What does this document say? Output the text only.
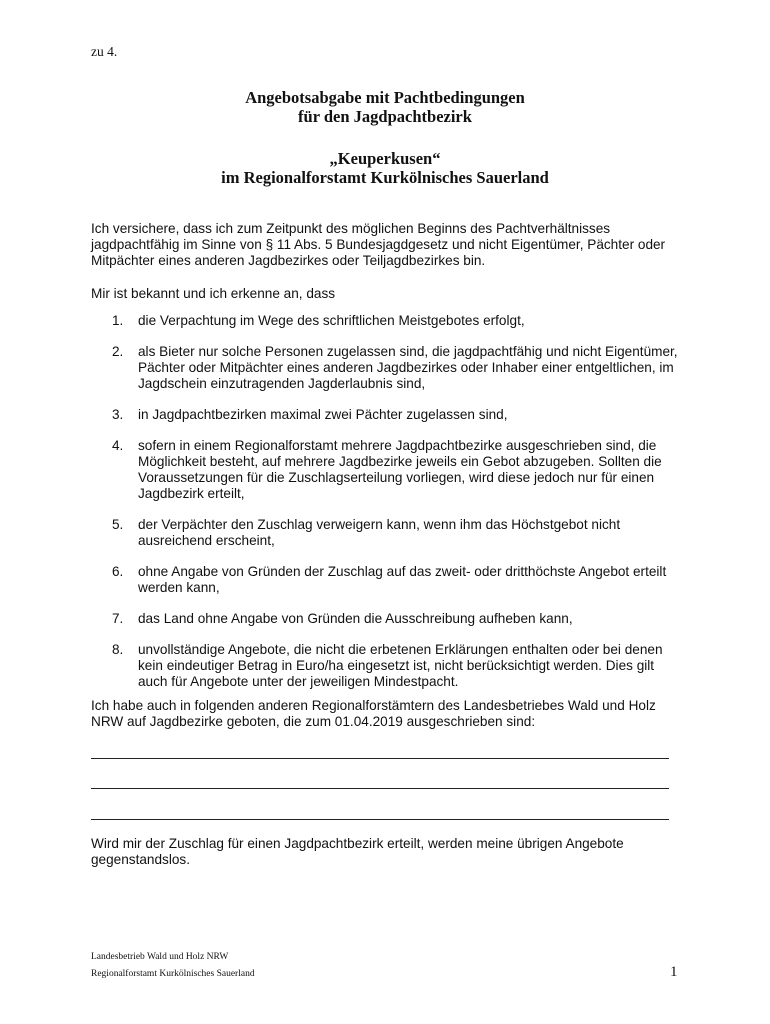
zu 4.
Angebotsabgabe mit Pachtbedingungen
für den Jagdpachtbezirk
„Keuperkusen“
im Regionalforstamt Kurkölnisches Sauerland

Ich versichere, dass ich zum Zeitpunkt des möglichen Beginns des Pachtverhältnisses jagdpachtfähig im Sinne von § 11 Abs. 5 Bundesjagdgesetz und nicht Eigentümer, Pächter oder Mitpächter eines anderen Jagdbezirkes oder Teiljagdbezirkes bin.

Mir ist bekannt und ich erkenne an, dass

1. die Verpachtung im Wege des schriftlichen Meistgebotes erfolgt,
2. als Bieter nur solche Personen zugelassen sind, die jagdpachtfähig und nicht Eigentümer, Pächter oder Mitpächter eines anderen Jagdbezirkes oder Inhaber einer entgeltlichen, im Jagdschein einzutragenden Jagderlaubnis sind,
3. in Jagdpachtbezirken maximal zwei Pächter zugelassen sind,
4. sofern in einem Regionalforstamt mehrere Jagdpachtbezirke ausgeschrieben sind, die Möglichkeit besteht, auf mehrere Jagdbezirke jeweils ein Gebot abzugeben. Sollten die Voraussetzungen für die Zuschlagserteilung vorliegen, wird diese jedoch nur für einen Jagdbezirk erteilt,
5. der Verpächter den Zuschlag verweigern kann, wenn ihm das Höchstgebot nicht ausreichend erscheint,
6. ohne Angabe von Gründen der Zuschlag auf das zweit- oder dritthöchste Angebot erteilt werden kann,
7. das Land ohne Angabe von Gründen die Ausschreibung aufheben kann,
8. unvollständige Angebote, die nicht die erbetenen Erklärungen enthalten oder bei denen kein eindeutiger Betrag in Euro/ha eingesetzt ist, nicht berücksichtigt werden. Dies gilt auch für Angebote unter der jeweiligen Mindestpacht.

Ich habe auch in folgenden anderen Regionalforstämtern des Landesbetriebes Wald und Holz NRW auf Jagdbezirke geboten, die zum 01.04.2019 ausgeschrieben sind:

Wird mir der Zuschlag für einen Jagdpachtbezirk erteilt, werden meine übrigen Angebote gegenstandslos.

Landesbetrieb Wald und Holz NRW
Regionalforstamt Kurkölnisches Sauerland	1
